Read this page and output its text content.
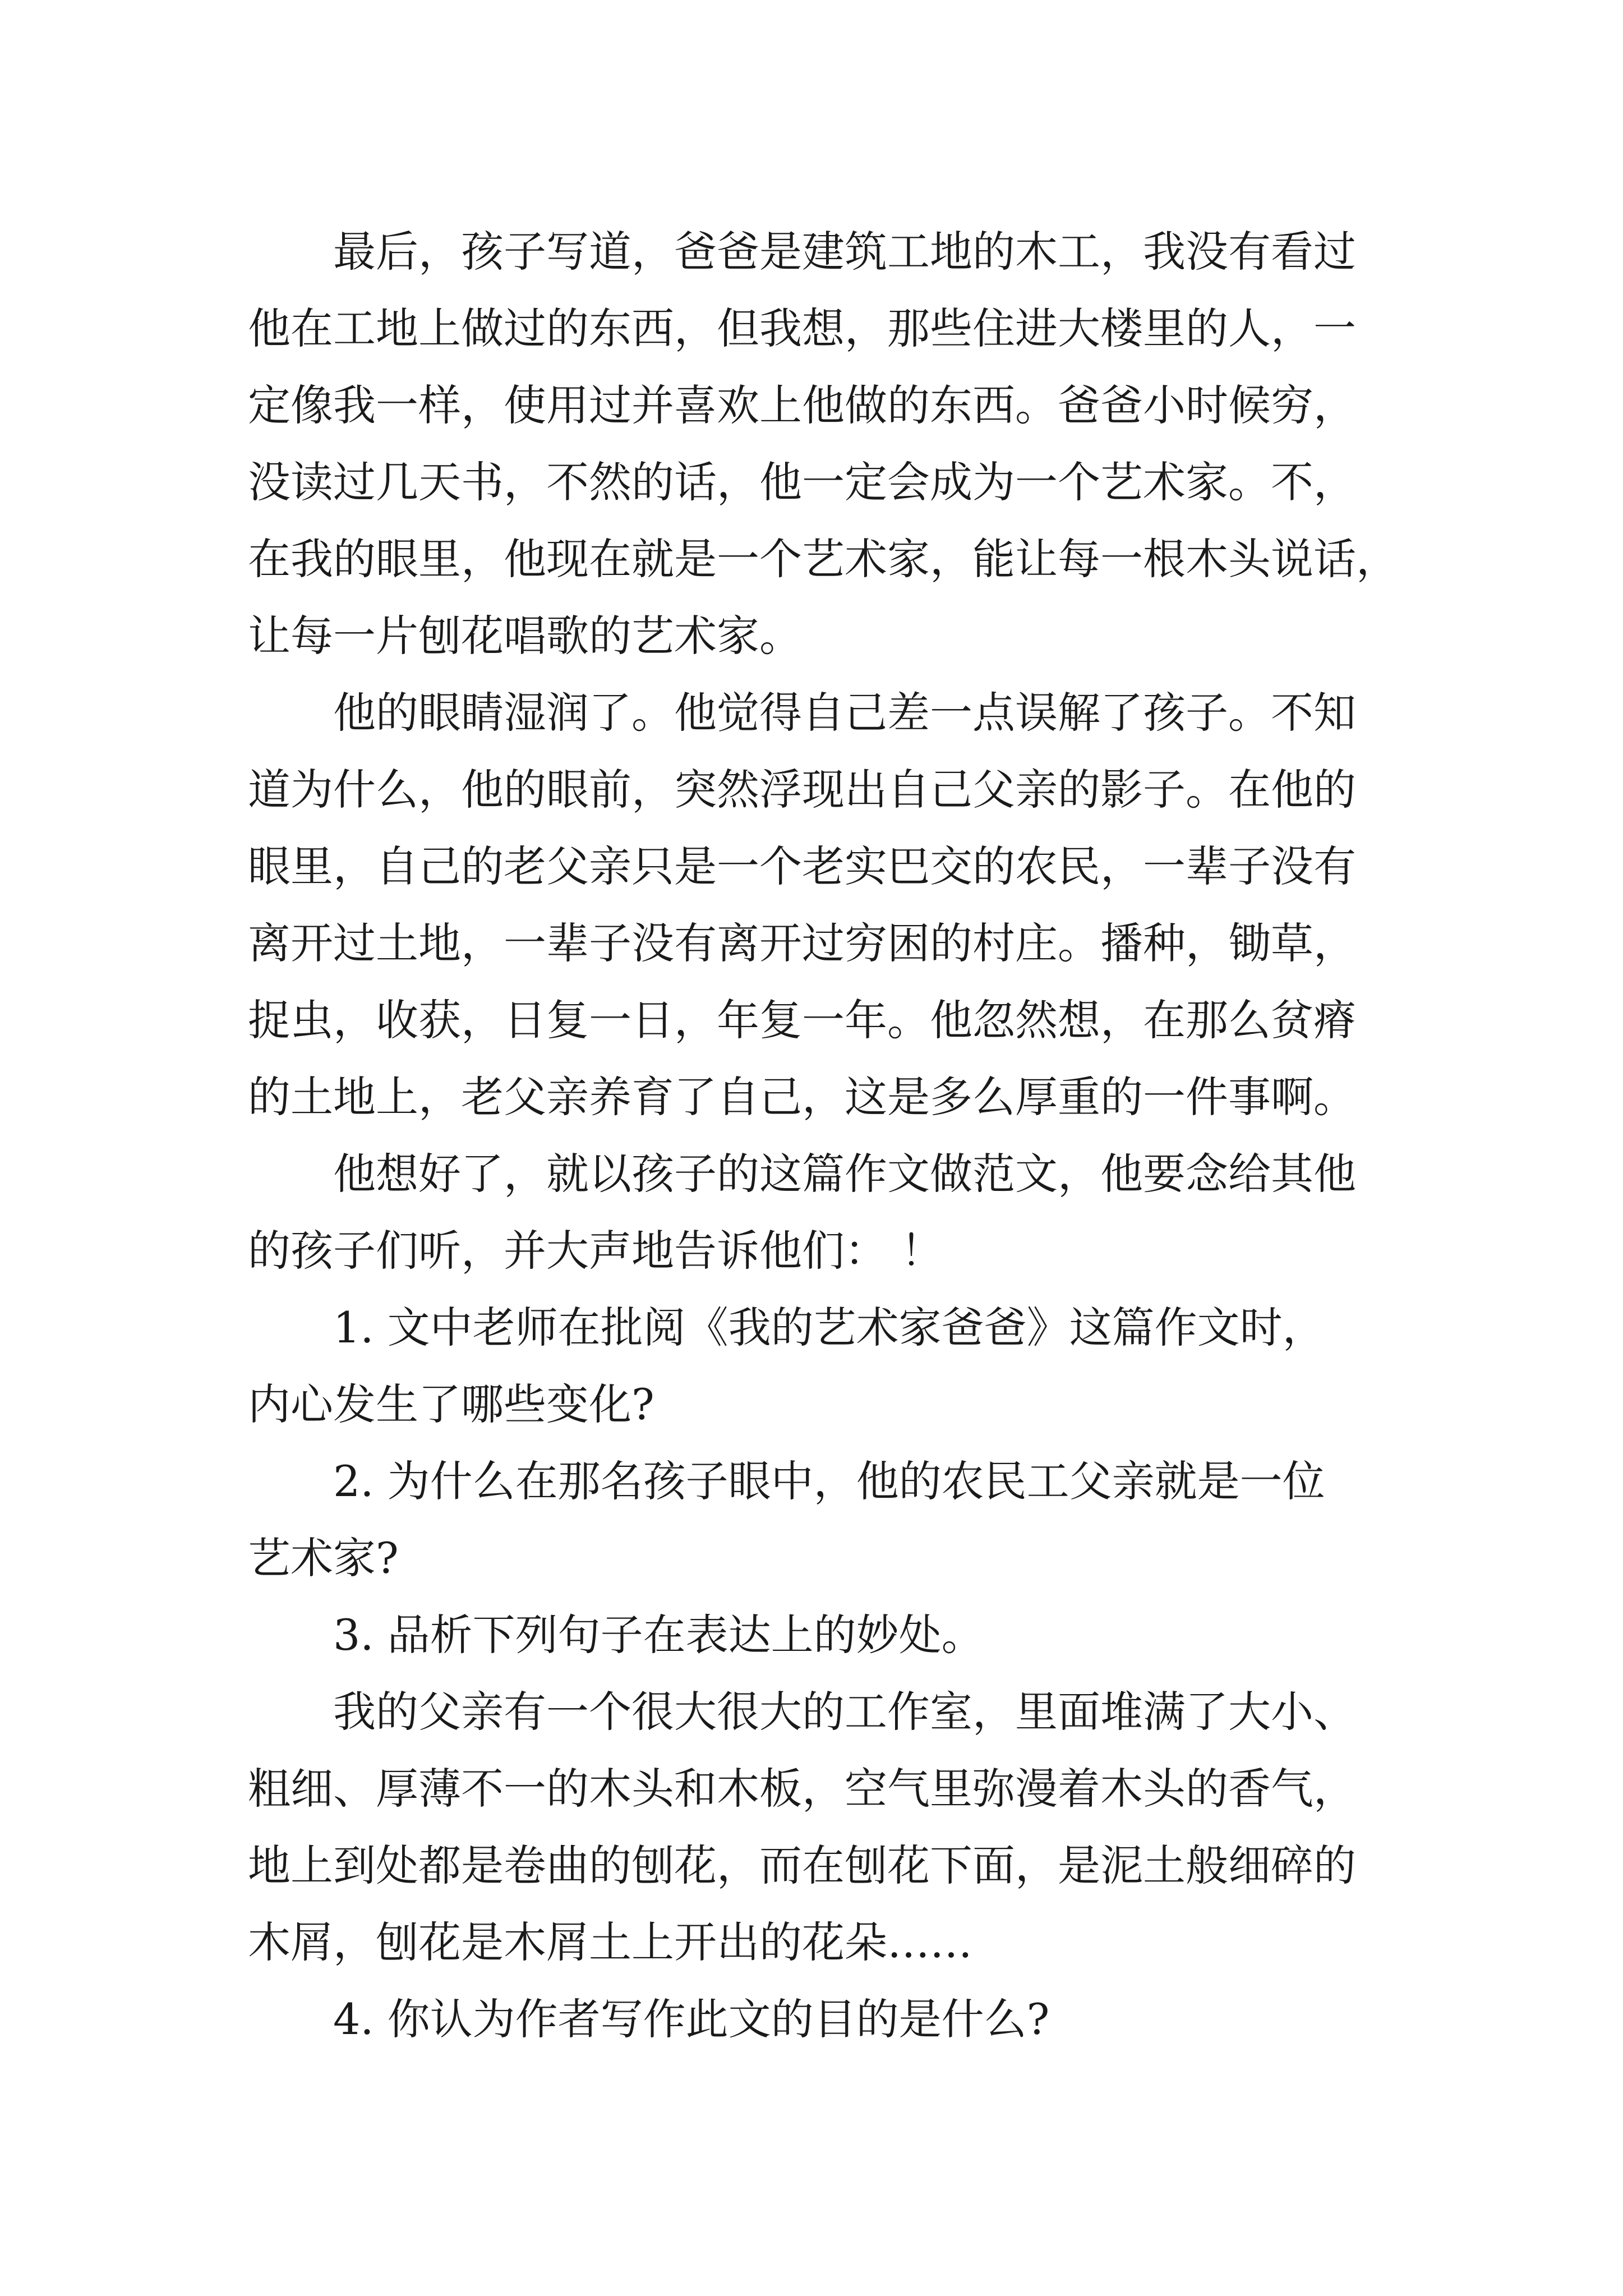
最后，孩子写道，爸爸是建筑工地的木工，我没有看过
他在工地上做过的东西，但我想，那些住进大楼里的人，一
定像我一样，使用过并喜欢上他做的东西。爸爸小时候穷，
没读过几天书，不然的话，他一定会成为一个艺术家。不，
在我的眼里，他现在就是一个艺术家，能让每一根木头说话，
让每一片刨花唱歌的艺术家。
他的眼睛湿润了。他觉得自己差一点误解了孩子。不知
道为什么，他的眼前，突然浮现出自己父亲的影子。在他的
眼里，自己的老父亲只是一个老实巴交的农民，一辈子没有
离开过土地，一辈子没有离开过穷困的村庄。播种，锄草，
捉虫，收获，日复一日，年复一年。他忽然想，在那么贫瘠
的土地上，老父亲养育了自己，这是多么厚重的一件事啊。
他想好了，就以孩子的这篇作文做范文，他要念给其他
的孩子们听，并大声地告诉他们： ！
1. 文中老师在批阅《我的艺术家爸爸》这篇作文时，
内心发生了哪些变化?
2. 为什么在那名孩子眼中，他的农民工父亲就是一位
艺术家?
3. 品析下列句子在表达上的妙处。
我的父亲有一个很大很大的工作室，里面堆满了大小、
粗细、厚薄不一的木头和木板，空气里弥漫着木头的香气，
地上到处都是卷曲的刨花，而在刨花下面，是泥土般细碎的
木屑，刨花是木屑土上开出的花朵……
4. 你认为作者写作此文的目的是什么?
